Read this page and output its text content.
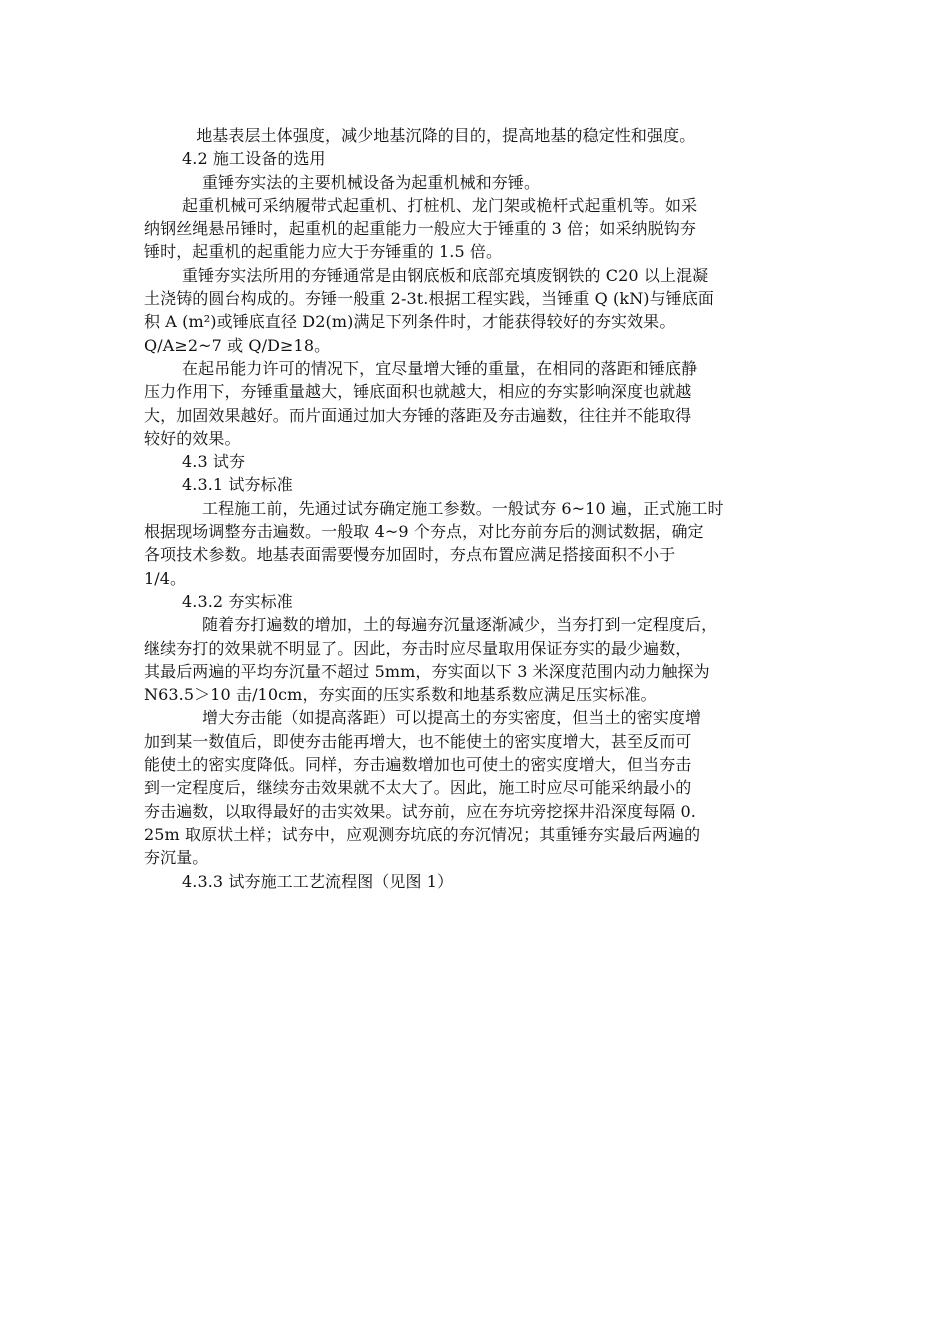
　　地基表层土体强度，减少地基沉降的目的，提高地基的稳定性和强度。
4.2 施工设备的选用
重锤夯实法的主要机械设备为起重机械和夯锤。
起重机械可采纳履带式起重机、打桩机、龙门架或桅杆式起重机等。如采
纳钢丝绳悬吊锤时，起重机的起重能力一般应大于锤重的 3 倍；如采纳脱钩夯
锤时，起重机的起重能力应大于夯锤重的 1.5 倍。
重锤夯实法所用的夯锤通常是由钢底板和底部充填废钢铁的 C20 以上混凝
土浇铸的圆台构成的。夯锤一般重 2-3t.根据工程实践，当锤重 Q (kN)与锤底面
积 A (m²)或锤底直径 D2(m)满足下列条件时，才能获得较好的夯实效果。
Q/A≥2~7 或 Q/D≥18。
在起吊能力许可的情况下，宜尽量增大锤的重量，在相同的落距和锤底静
压力作用下，夯锤重量越大，锤底面积也就越大，相应的夯实影响深度也就越
大，加固效果越好。而片面通过加大夯锤的落距及夯击遍数，往往并不能取得
较好的效果。
4.3 试夯
4.3.1 试夯标准
工程施工前，先通过试夯确定施工参数。一般试夯 6~10 遍，正式施工时
根据现场调整夯击遍数。一般取 4~9 个夯点，对比夯前夯后的测试数据，确定
各项技术参数。地基表面需要慢夯加固时，夯点布置应满足搭接面积不小于
1/4。
4.3.2 夯实标准
随着夯打遍数的增加，土的每遍夯沉量逐渐减少，当夯打到一定程度后，
继续夯打的效果就不明显了。因此，夯击时应尽量取用保证夯实的最少遍数，
其最后两遍的平均夯沉量不超过 5mm，夯实面以下 3 米深度范围内动力触探为
N63.5＞10 击/10cm，夯实面的压实系数和地基系数应满足压实标准。
增大夯击能（如提高落距）可以提高土的夯实密度，但当土的密实度增
加到某一数值后，即使夯击能再增大，也不能使土的密实度增大，甚至反而可
能使土的密实度降低。同样，夯击遍数增加也可使土的密实度增大，但当夯击
到一定程度后，继续夯击效果就不太大了。因此，施工时应尽可能采纳最小的
夯击遍数，以取得最好的击实效果。试夯前，应在夯坑旁挖探井沿深度每隔 0.
25m 取原状土样；试夯中，应观测夯坑底的夯沉情况；其重锤夯实最后两遍的
夯沉量。
4.3.3 试夯施工工艺流程图（见图 1）
